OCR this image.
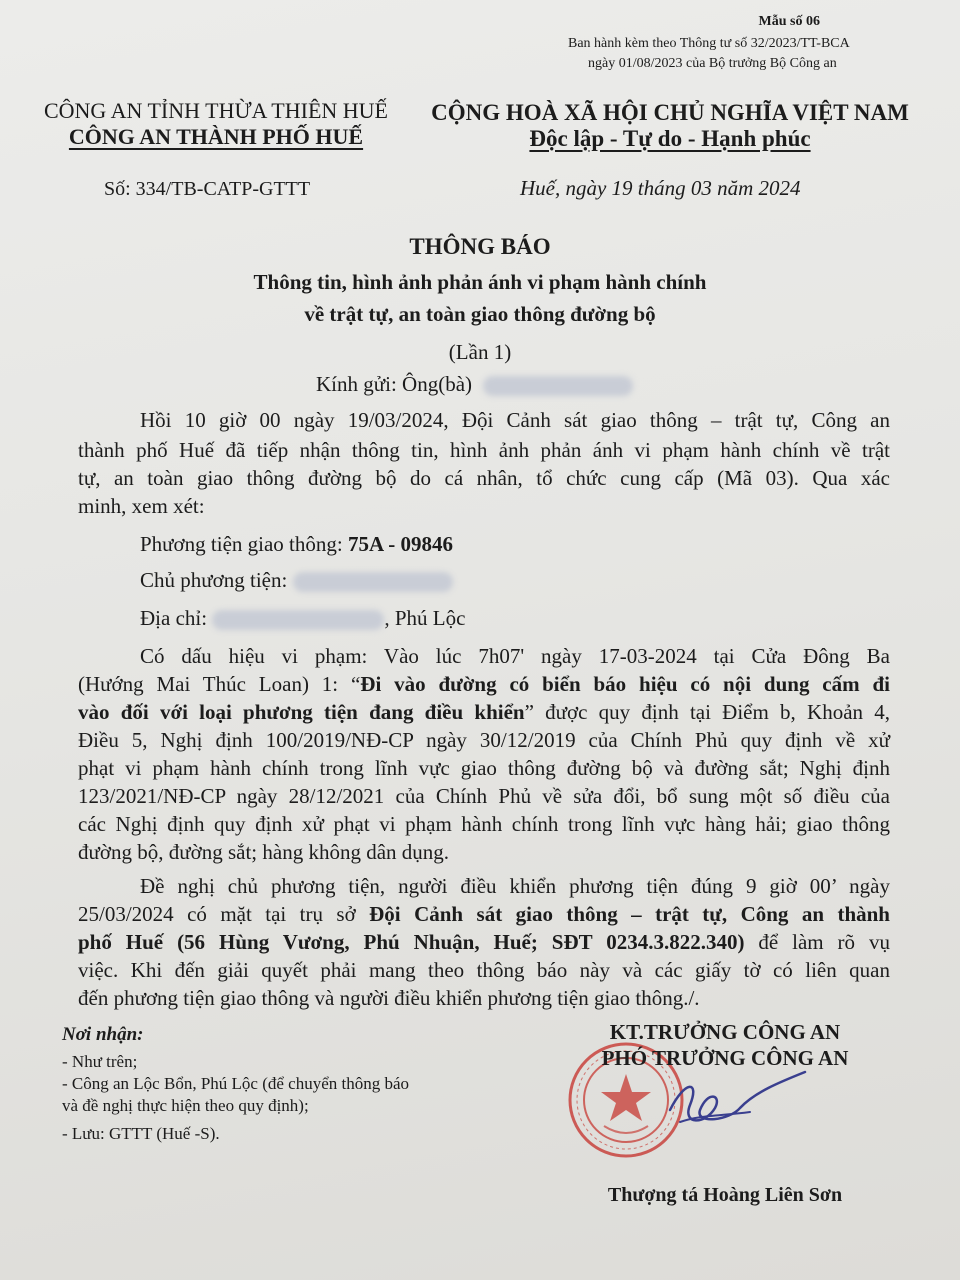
Mẫu số 06
Ban hành kèm theo Thông tư số 32/2023/TT-BCA
ngày 01/08/2023 của Bộ trưởng Bộ Công an
CÔNG AN TỈNH THỪA THIÊN HUẾ
CÔNG AN THÀNH PHỐ HUẾ
CỘNG HOÀ XÃ HỘI CHỦ NGHĨA VIỆT NAM
Độc lập - Tự do - Hạnh phúc
Số: 334/TB-CATP-GTTT	Huế, ngày 19 tháng 03 năm 2024
THÔNG BÁO
Thông tin, hình ảnh phản ánh vi phạm hành chính
về trật tự, an toàn giao thông đường bộ
(Lần 1)
Kính gửi: Ông(bà)
Hồi 10 giờ 00 ngày 19/03/2024, Đội Cảnh sát giao thông – trật tự, Công an
thành phố Huế đã tiếp nhận thông tin, hình ảnh phản ánh vi phạm hành chính về trật
tự, an toàn giao thông đường bộ do cá nhân, tổ chức cung cấp (Mã 03). Qua xác
minh, xem xét:
Phương tiện giao thông: 75A - 09846
Chủ phương tiện:
Địa chỉ:	, Phú Lộc
Có dấu hiệu vi phạm: Vào lúc 7h07' ngày 17-03-2024 tại Cửa Đông Ba
(Hướng Mai Thúc Loan) 1: “Đi vào đường có biển báo hiệu có nội dung cấm đi
vào đối với loại phương tiện đang điều khiển” được quy định tại Điểm b, Khoản 4,
Điều 5, Nghị định 100/2019/NĐ-CP ngày 30/12/2019 của Chính Phủ quy định về xử
phạt vi phạm hành chính trong lĩnh vực giao thông đường bộ và đường sắt; Nghị định
123/2021/NĐ-CP ngày 28/12/2021 của Chính Phủ về sửa đổi, bổ sung một số điều của
các Nghị định quy định xử phạt vi phạm hành chính trong lĩnh vực hàng hải; giao thông
đường bộ, đường sắt; hàng không dân dụng.
Đề nghị chủ phương tiện, người điều khiển phương tiện đúng 9 giờ 00’ ngày
25/03/2024 có mặt tại trụ sở Đội Cảnh sát giao thông – trật tự, Công an thành
phố Huế (56 Hùng Vương, Phú Nhuận, Huế; SĐT 0234.3.822.340) để làm rõ vụ
việc. Khi đến giải quyết phải mang theo thông báo này và các giấy tờ có liên quan
đến phương tiện giao thông và người điều khiển phương tiện giao thông./.
Nơi nhận:
- Như trên;
- Công an Lộc Bổn, Phú Lộc (để chuyển thông báo
và đề nghị thực hiện theo quy định);
- Lưu: GTTT (Huế -S).
KT.TRƯỞNG CÔNG AN
PHÓ TRƯỞNG CÔNG AN
Thượng tá Hoàng Liên Sơn
